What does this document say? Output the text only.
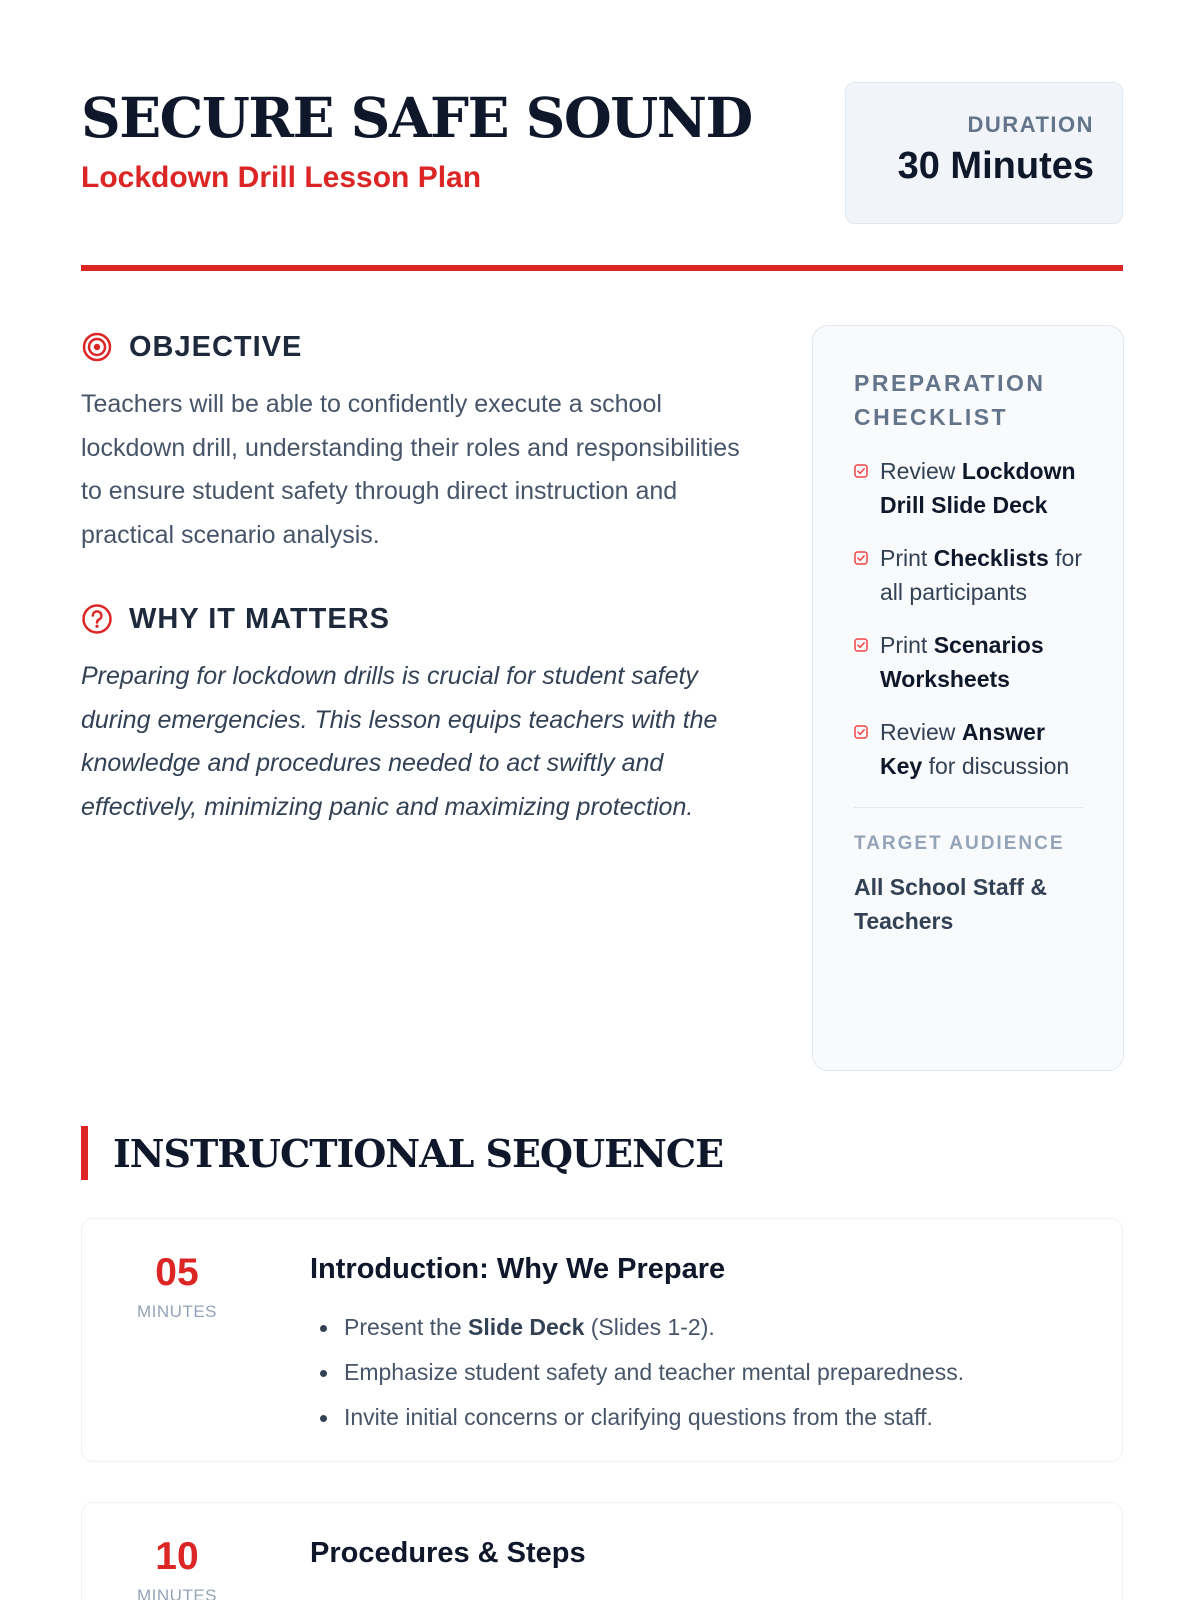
SECURE SAFE SOUND
Lockdown Drill Lesson Plan
DURATION
30 Minutes
OBJECTIVE

Teachers will be able to confidently execute a school lockdown drill, understanding their roles and responsibilities to ensure student safety through direct instruction and practical scenario analysis.

WHY IT MATTERS

Preparing for lockdown drills is crucial for student safety during emergencies. This lesson equips teachers with the knowledge and procedures needed to act swiftly and effectively, minimizing panic and maximizing protection.

PREPARATION CHECKLIST
Review Lockdown Drill Slide Deck
Print Checklists for all participants
Print Scenarios Worksheets
Review Answer Key for discussion
TARGET AUDIENCE
All School Staff & Teachers
INSTRUCTIONAL SEQUENCE
05
MINUTES
Introduction: Why We Prepare
Present the Slide Deck (Slides 1-2).
Emphasize student safety and teacher mental preparedness.
Invite initial concerns or clarifying questions from the staff.
10
MINUTES
Procedures & Steps
